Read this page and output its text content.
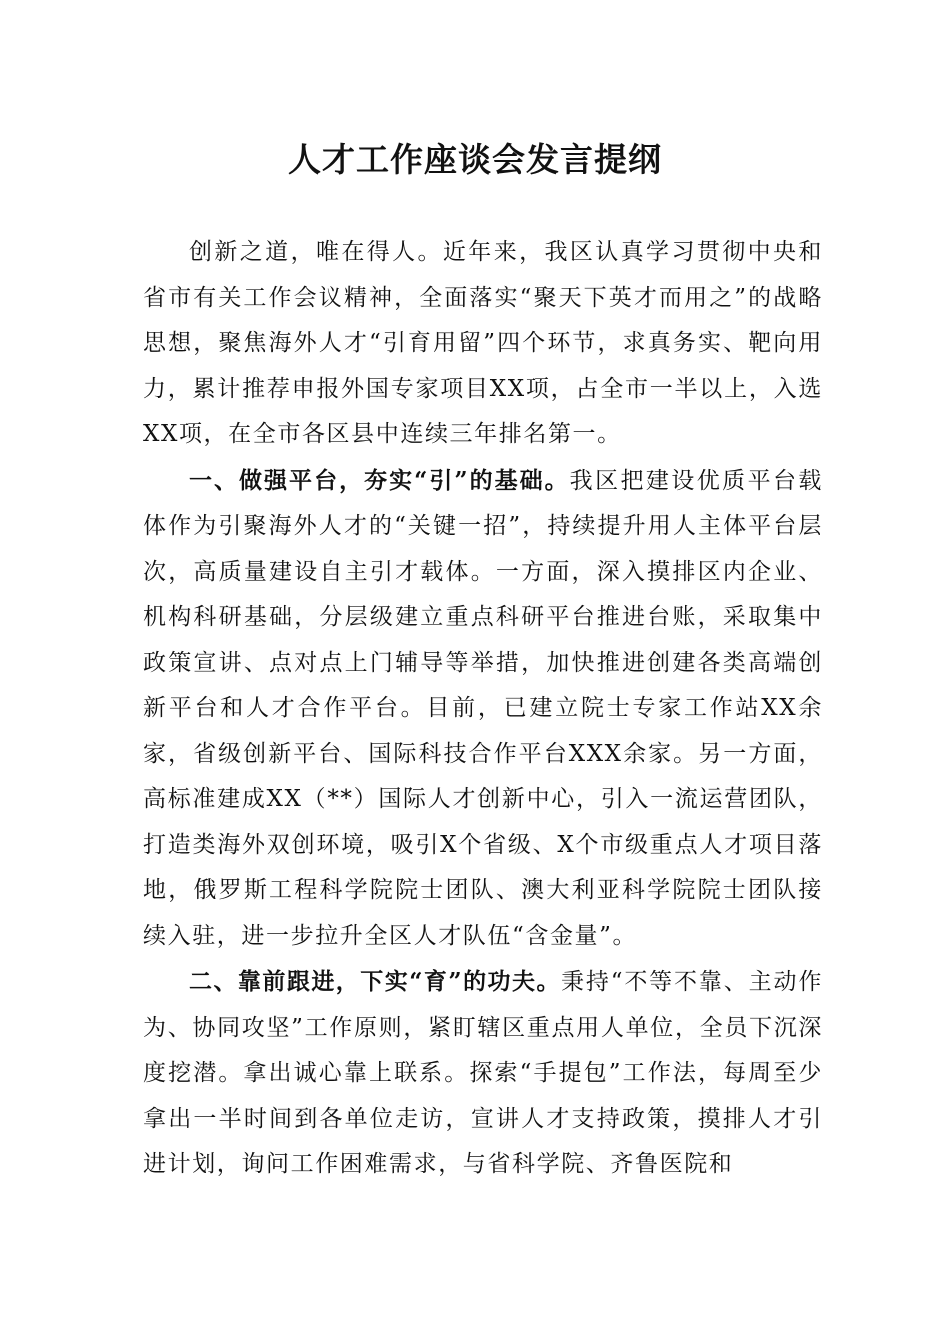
人才工作座谈会发言提纲

创新之道，唯在得人。近年来，我区认真学习贯彻中央和省市有关工作会议精神，全面落实“聚天下英才而用之”的战略思想，聚焦海外人才“引育用留”四个环节，求真务实、靶向用力，累计推荐申报外国专家项目XX项，占全市一半以上，入选XX项，在全市各区县中连续三年排名第一。

一、做强平台，夯实“引”的基础。我区把建设优质平台载体作为引聚海外人才的“关键一招”，持续提升用人主体平台层次，高质量建设自主引才载体。一方面，深入摸排区内企业、机构科研基础，分层级建立重点科研平台推进台账，采取集中政策宣讲、点对点上门辅导等举措，加快推进创建各类高端创新平台和人才合作平台。目前，已建立院士专家工作站XX余家，省级创新平台、国际科技合作平台XXX余家。另一方面，高标准建成XX（**）国际人才创新中心，引入一流运营团队，打造类海外双创环境，吸引X个省级、X个市级重点人才项目落地，俄罗斯工程科学院院士团队、澳大利亚科学院院士团队接续入驻，进一步拉升全区人才队伍“含金量”。

二、靠前跟进，下实“育”的功夫。秉持“不等不靠、主动作为、协同攻坚”工作原则，紧盯辖区重点用人单位，全员下沉深度挖潜。拿出诚心靠上联系。探索“手提包”工作法，每周至少拿出一半时间到各单位走访，宣讲人才支持政策，摸排人才引进计划，询问工作困难需求，与省科学院、齐鲁医院和
